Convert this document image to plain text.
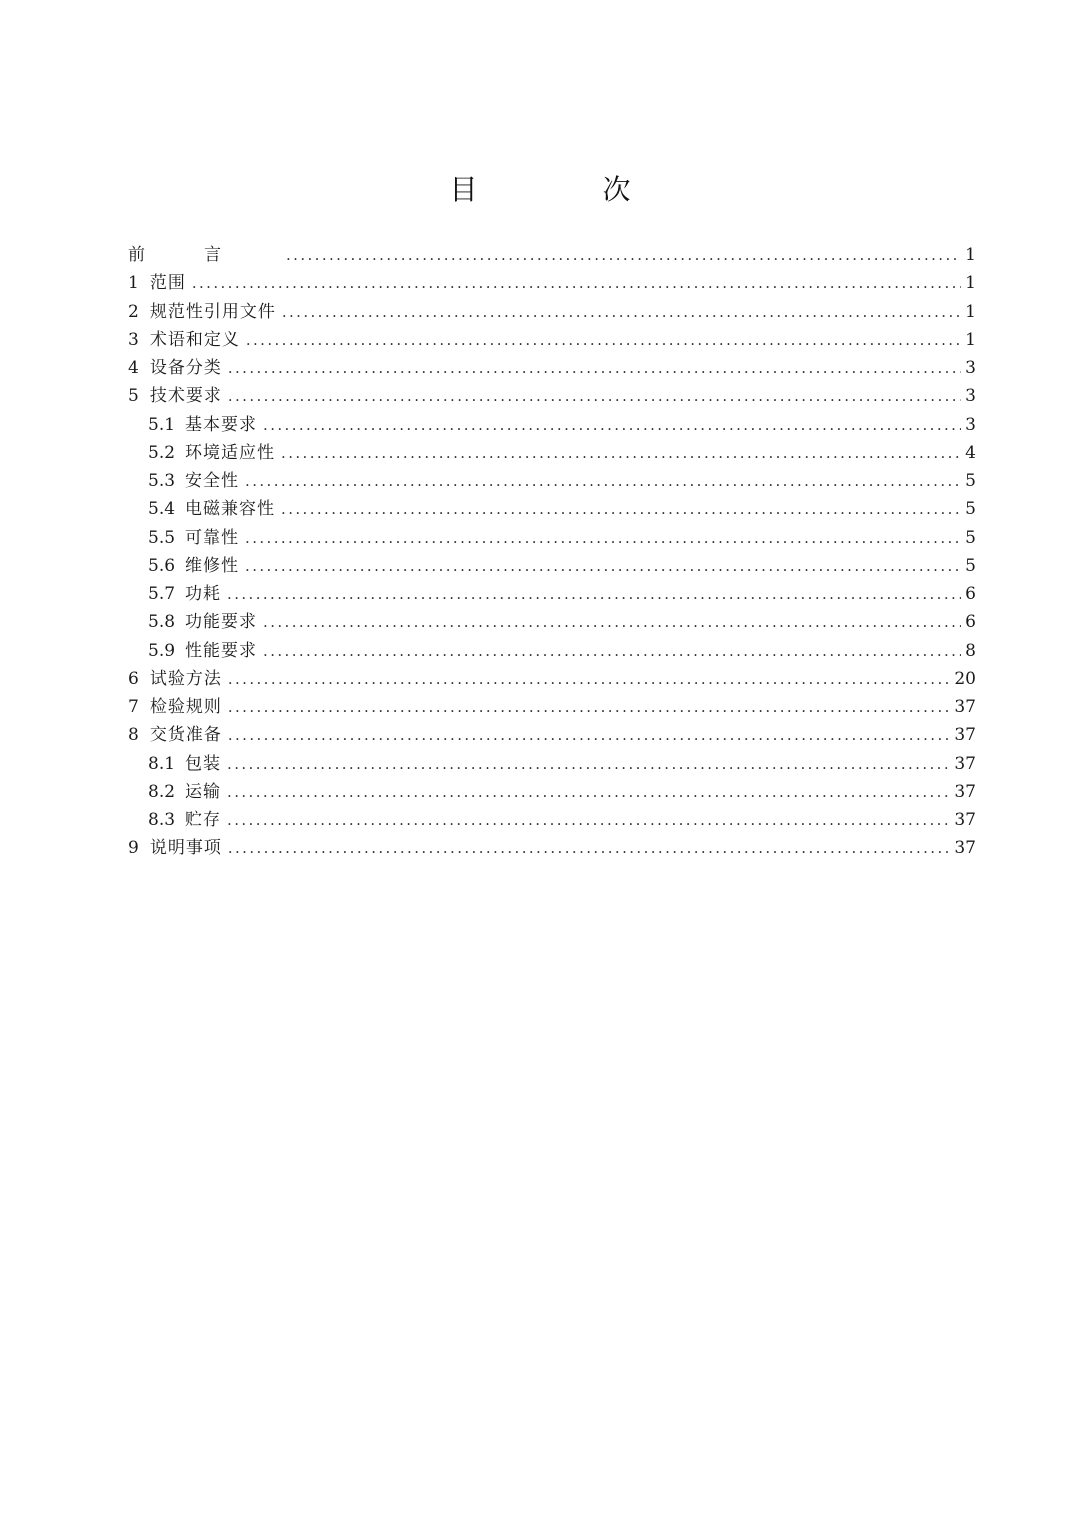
目 次
前言 .....	1
1 范围 .....	1
2 规范性引用文件 .....	1
3 术语和定义 .....	1
4 设备分类 .....	3
5 技术要求 .....	3
5.1 基本要求 .....	3
5.2 环境适应性 .....	4
5.3 安全性 .....	5
5.4 电磁兼容性 .....	5
5.5 可靠性 .....	5
5.6 维修性 .....	5
5.7 功耗 .....	6
5.8 功能要求 .....	6
5.9 性能要求 .....	8
6 试验方法 .....	20
7 检验规则 .....	37
8 交货准备 .....	37
8.1 包装 .....	37
8.2 运输 .....	37
8.3 贮存 .....	37
9 说明事项 .....	37
